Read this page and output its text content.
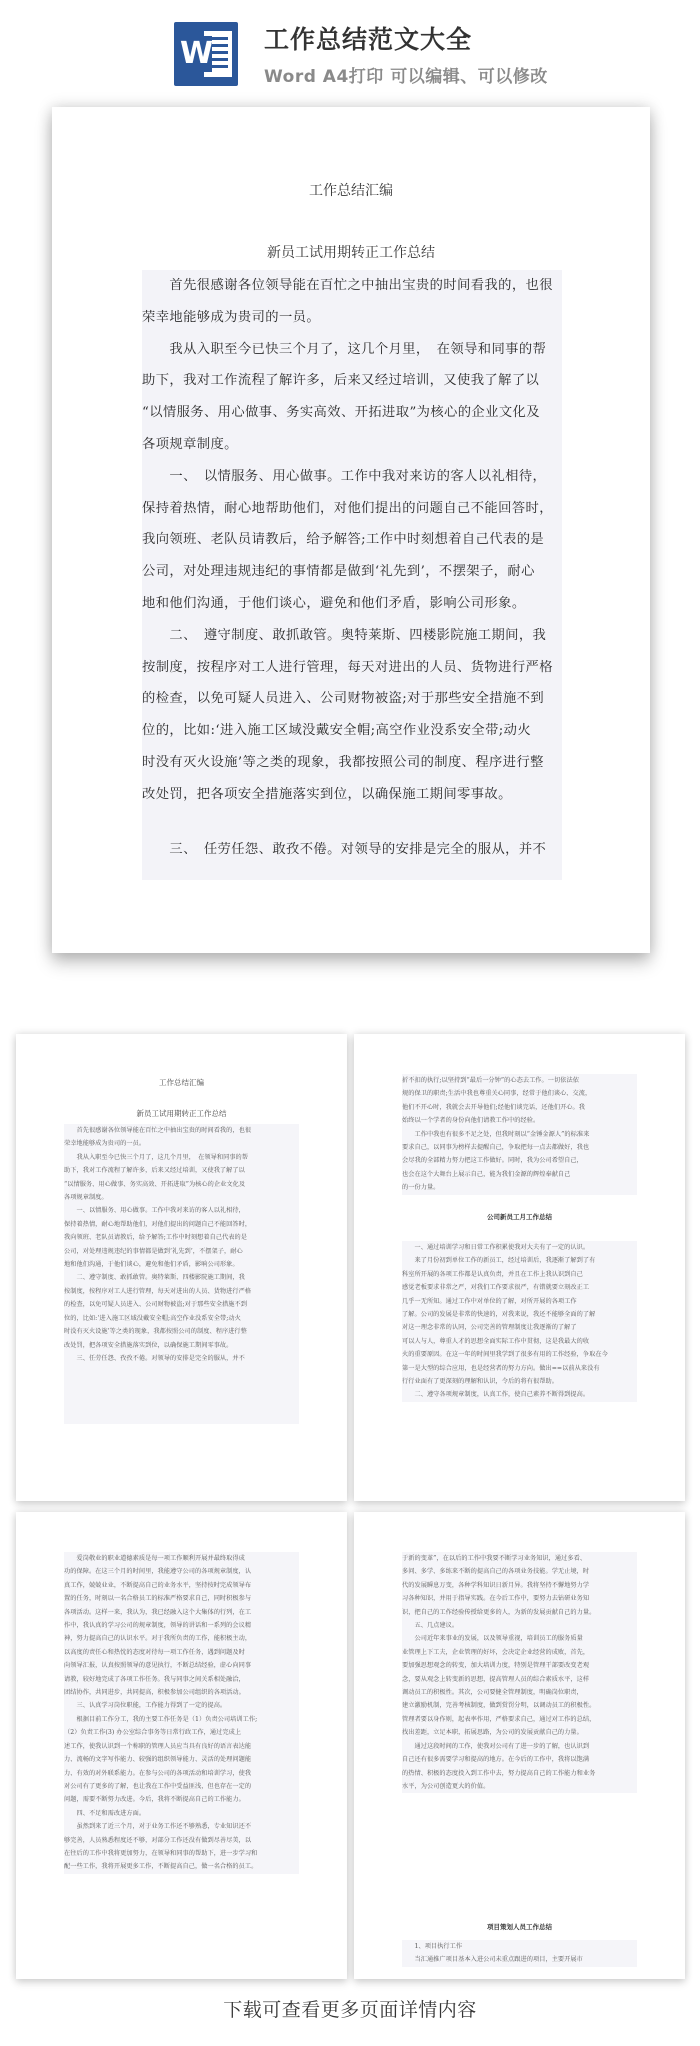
W 工作总结范文大全
Word A4打印 可以编辑、可以修改
工作总结汇编
新员工试用期转正工作总结

　　首先很感谢各位领导能在百忙之中抽出宝贵的时间看我的，也很

荣幸地能够成为贵司的一员。

　　我从入职至今已快三个月了，这几个月里，　在领导和同事的帮

助下，我对工作流程了解许多，后来又经过培训，又使我了解了以

“以情服务、用心做事、务实高效、开拓进取”为核心的企业文化及

各项规章制度。

　　一、　以情服务、用心做事。工作中我对来访的客人以礼相待，

保持着热情，耐心地帮助他们，对他们提出的问题自己不能回答时，

我向领班、老队员请教后，给予解答;工作中时刻想着自己代表的是

公司，对处理违规违纪的事情都是做到‘礼先到’，不摆架子，耐心

地和他们沟通，于他们谈心，避免和他们矛盾，影响公司形象。

　　二、　遵守制度、敢抓敢管。奥特莱斯、四楼影院施工期间，我

按制度，按程序对工人进行管理，每天对进出的人员、货物进行严格

的检查，以免可疑人员进入、公司财物被盗;对于那些安全措施不到

位的，比如:‘进入施工区域没戴安全帽;高空作业没系安全带;动火

时没有灭火设施’等之类的现象，我都按照公司的制度、程序进行整

改处罚，把各项安全措施落实到位，以确保施工期间零事故。

　　三、　任劳任怨、敢孜不倦。对领导的安排是完全的服从，并不

工作总结汇编
新员工试用期转正工作总结

　　首先很感谢各位领导能在百忙之中抽出宝贵的时间看我的，也很

荣幸地能够成为贵司的一员。

　　我从入职至今已快三个月了，这几个月里，　在领导和同事的帮

助下，我对工作流程了解许多，后来又经过培训，又使我了解了以

“以情服务、用心做事、务实高效、开拓进取”为核心的企业文化及

各项规章制度。

　　一、以情服务、用心做事。工作中我对来访的客人以礼相待，

保持着热情，耐心地帮助他们，对他们提出的问题自己不能回答时，

我向领班、老队员请教后，给予解答;工作中时刻想着自己代表的是

公司，对处理违规违纪的事情都是做到‘礼先到’，不摆架子，耐心

地和他们沟通，于他们谈心，避免和他们矛盾，影响公司形象。

　　二、遵守制度、敢抓敢管。奥特莱斯、四楼影院施工期间，我

按制度，按程序对工人进行管理，每天对进出的人员、货物进行严格

的检查，以免可疑人员进入、公司财物被盗;对于那些安全措施不到

位的，比如:‘进入施工区域没戴安全帽;高空作业没系安全带;动火

时没有灭火设施’等之类的现象，我都按照公司的制度、程序进行整

改处罚，把各项安全措施落实到位，以确保施工期间零事故。

　　三、任劳任怨、孜孜不倦。对领导的安排是完全的服从，并不

折不扣的执行;以坚持到“最后一分钟”的心态去工作。一切依法依

规的保卫的职责;生活中我也尊重关心同事，经常于他们谈心、交流，

他们不开心时，我就会去开导他们;经他们谈完话，还他们开心。我

始终以一个学者的身份向他们请教工作中的经验。

　　工作中我也有很多不足之处，但我时刻以“金锤金源人”的标准来

要求自己，以同事为榜样去提醒自己，争取把每一点去都做好，我也

会尽我的全部精力努力把这工作做好。同时，我为公司希望自己，

也会在这个大舞台上展示自己，能为我们金源的辉煌奉献自己

的一份力量。

公司新员工月工作总结

　　一、通过培训学习和日常工作积累使我对大夫有了一定的认识。

　　来了月份初到单位工作的新员工，经过培训后，我逐渐了解到了有

科室所开展的各项工作都是认真负责，并且在工作上我认识到自己

感觉老板要求非常之严，对我们工作要求很严，有错就要立刻改正工

几乎一无所知。通过工作中对单位的了解，对所开展的各项工作

了解。公司的发展是非常的快速的，对我来说，我还不能够全面的了解

对这一理念非常的认同，公司完善的管理制度让我逐渐的了解了

可以人与人，尊重人才的思想全面实际工作中贯彻，这是我最大的收

火的重要原因。在这一年的时间里我学到了很多有用的工作经验，争取在今

第一是大型的综合应用，也是经营者的努力方向。做出==以前从来没有

行行业面有了更深刻的理解和认识，令后的将有很帮助。

　　二、遵守各项规章制度，认真工作，使自己素养不断得到提高。

　　爱岗敬业的职业道德素质是每一项工作顺利开展并最终取得成

功的保障。在这三个月的时间里，我能遵守公司的各项规章制度，认

真工作，兢兢业业，不断提高自己的业务水平，坚持按时完成领导布

置的任务，时刻以一名合格员工的标准严格要求自己，同时积极参与

各项活动。这样一来，我认为，我已经融入这个大集体的行列，在工

作中，我认真的学习公司的规章制度，领导的讲话和一系列的会议精

神，努力提高自己的认识水平。对于我所负责的工作，能积极主动，

以高度的责任心和热忱的态度对待每一项工作任务，遇到问题及时

向领导汇报，认真按照领导的意见执行，不断总结经验，虚心向同事

请教，较好地完成了各项工作任务。我与同事之间关系相处融洽，

团结协作，共同进步，共同提高，积极参加公司组织的各项活动。

　　三、认真学习岗位职能，工作能力得到了一定的提高。

　　根据目前工作分工，我的主要工作任务是（1）负责公司培训工作;

（2）负责工作(3) 办公室综合事务等日常行政工作，通过完成上

述工作，使我认识到一个称职的管理人员应当具有良好的语言表达能

力、流畅的文字写作能力、较强的组织领导能力、灵活的处理问题能

力、有效的对外联系能力。在参与公司的各项活动和培训学习，使我

对公司有了更多的了解，也让我在工作中受益匪浅，但也存在一定的

问题，需要不断努力改进。今后，我将不断提高自己的工作能力。

　　四、不足和需改进方面。

　　虽然到来了近三个月，对于业务工作还不够熟悉，专业知识还不

够完善，人员熟悉程度还不够，对部分工作还没有做到尽善尽美，以

在往后的工作中我将更加努力，在领导和同事的帮助下，进一步学习和

配一些工作，我将开展更多工作，不断提高自己，做一名合格的员工。

于新的变革”，在以后的工作中我要不断学习业务知识，通过多看、

多问、多学、多练来不断的提高自己的各项业务技能。学无止境，时

代的发展瞬息万变，各种学科知识日新月异。我将坚持不懈地努力学

习各种知识，并用于指导实践。在今后工作中，要努力去钻研业务知

识，把自己的工作经验传授给更多的人，为新的发展贡献自己的力量。

　　五、几点建议。

　　公司近年来事业的发展，以及领导重视，培训员工的服务质量

业管理上下工夫，企业管理的好坏，会决定企业经营的成败，首先，

要加强思想观念的转变，加大培训力度，特别是管理干部要改变老观

念，要从观念上转变新的思想，提高管理人员的综合素质水平，这样

调动员工的积极性。其次，公司要健全管理制度，明确岗位职责，

建立激励机制，完善考核制度，做到赏罚分明，以调动员工的积极性。

管理者要以身作则，起表率作用，严格要求自己，通过对工作的总结，

找出差距，立足本职，拓展思路，为公司的发展贡献自己的力量。

　　通过这段时间的工作，使我对公司有了进一步的了解，也认识到

自己还有很多需要学习和提高的地方。在今后的工作中，我将以饱满

的热情、积极的态度投入到工作中去，努力提高自己的工作能力和业务

水平，为公司创造更大的价值。

项目策划人员工作总结

　　1、项目执行工作

　　当汇通推广项目基本入进公司未重点跟进的项目，主要开展市

下载可查看更多页面详情内容
